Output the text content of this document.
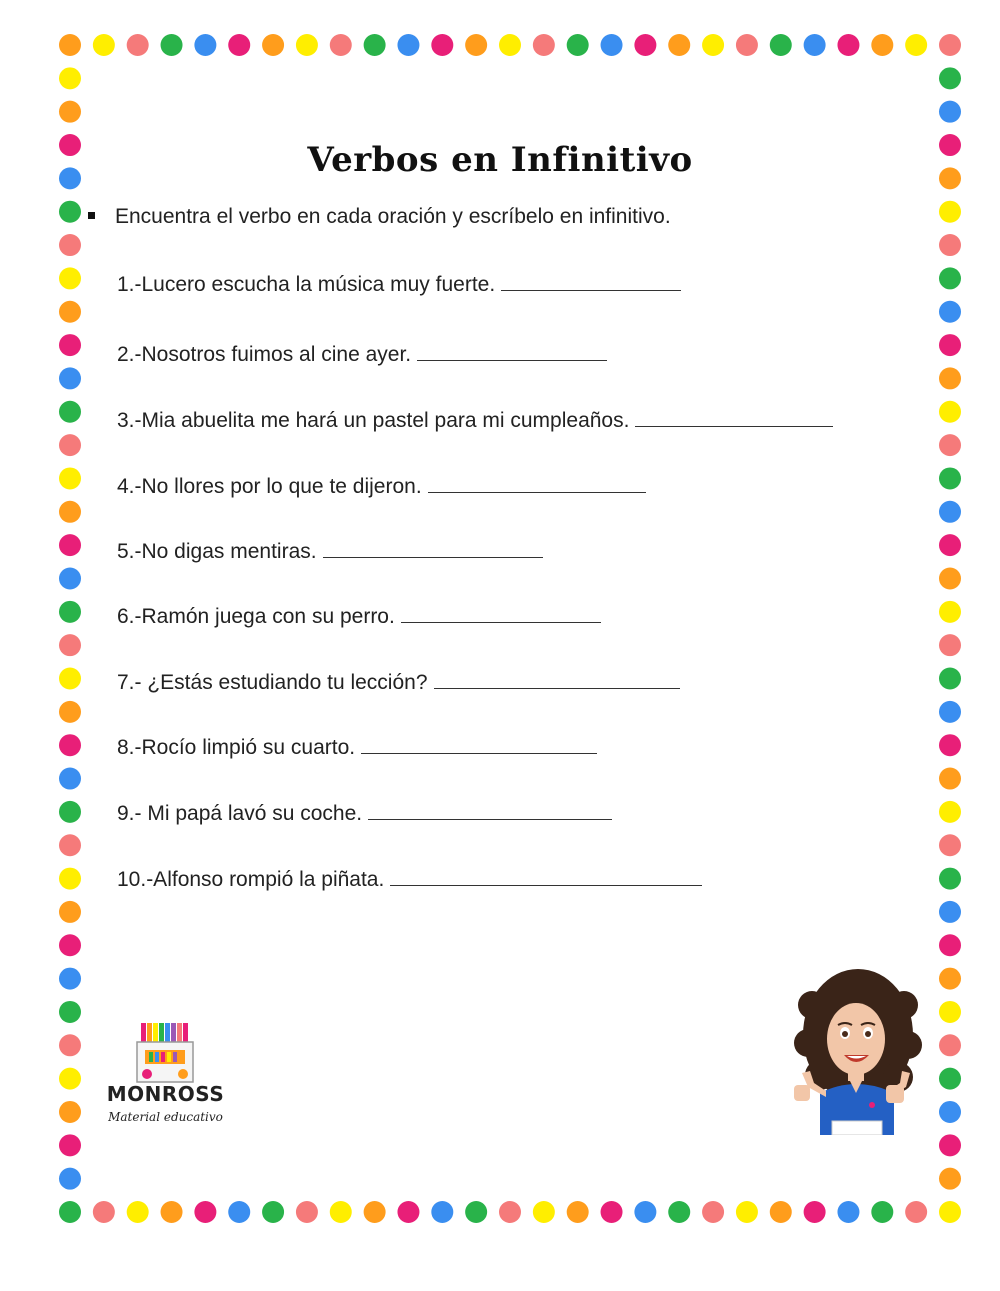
Verbos en Infinitivo
Encuentra el verbo en cada oración y escríbelo en infinitivo.
1.-Lucero escucha la música muy fuerte.
2.-Nosotros fuimos al cine ayer.
3.-Mia abuelita me hará un pastel para mi cumpleaños.
4.-No llores por lo que te dijeron.
5.-No digas mentiras.
6.-Ramón juega con su perro.
7.- ¿Estás estudiando tu lección?
8.-Rocío limpió su cuarto.
9.- Mi papá lavó su coche.
10.-Alfonso rompió la piñata.
MONROSS
Material educativo
